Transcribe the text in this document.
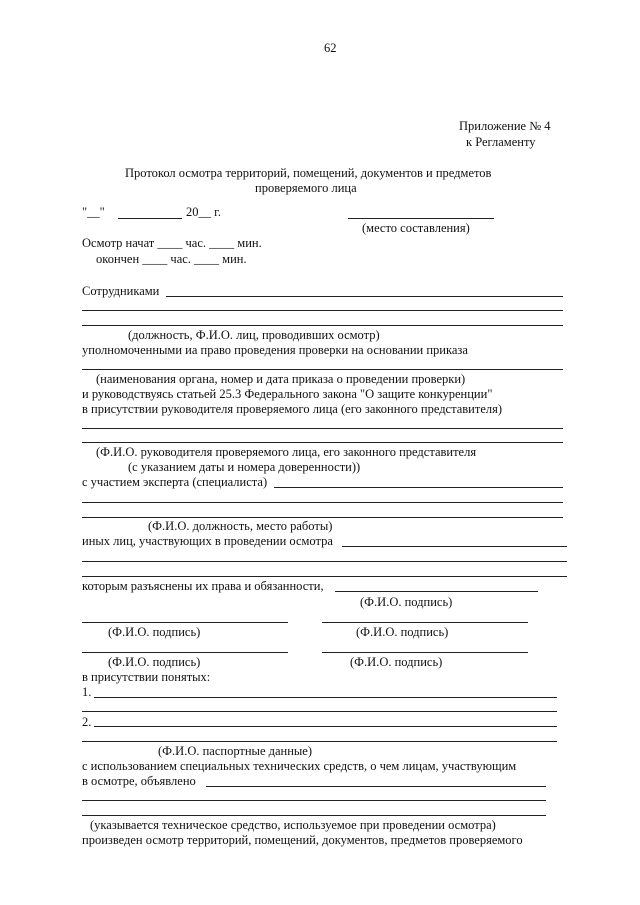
62
Приложение № 4
к Регламенту
Протокол осмотра территорий, помещений, документов и предметов
проверяемого лица
"__"	20__ г.
(место составления)
Осмотр начат ____ час. ____ мин.
окончен ____ час. ____ мин.
Сотрудниками
(должность, Ф.И.О. лиц, проводивших осмотр)
уполномоченными иа право проведения проверки на основании приказа
(наименования органа, номер и дата приказа о проведении проверки)
и руководствуясь статьей 25.3 Федерального закона "О защите конкуренции"
в присутствии руководителя проверяемого лица (его законного представителя)
(Ф.И.О. руководителя проверяемого лица, его законного представителя
(с указанием даты и номера доверенности))
с участием эксперта (специалиста)
(Ф.И.О. должность, место работы)
иных лиц, участвующих в проведении осмотра
которым разъяснены их права и обязанности,
(Ф.И.О. подпись)
(Ф.И.О. подпись)	(Ф.И.О. подпись)
(Ф.И.О. подпись)	(Ф.И.О. подпись)
в присутствии понятых:
1.
2.
(Ф.И.О. паспортные данные)
с использованием специальных технических средств, о чем лицам, участвующим
в осмотре, объявлено
(указывается техническое средство, используемое при проведении осмотра)
произведен осмотр территорий, помещений, документов, предметов проверяемого
